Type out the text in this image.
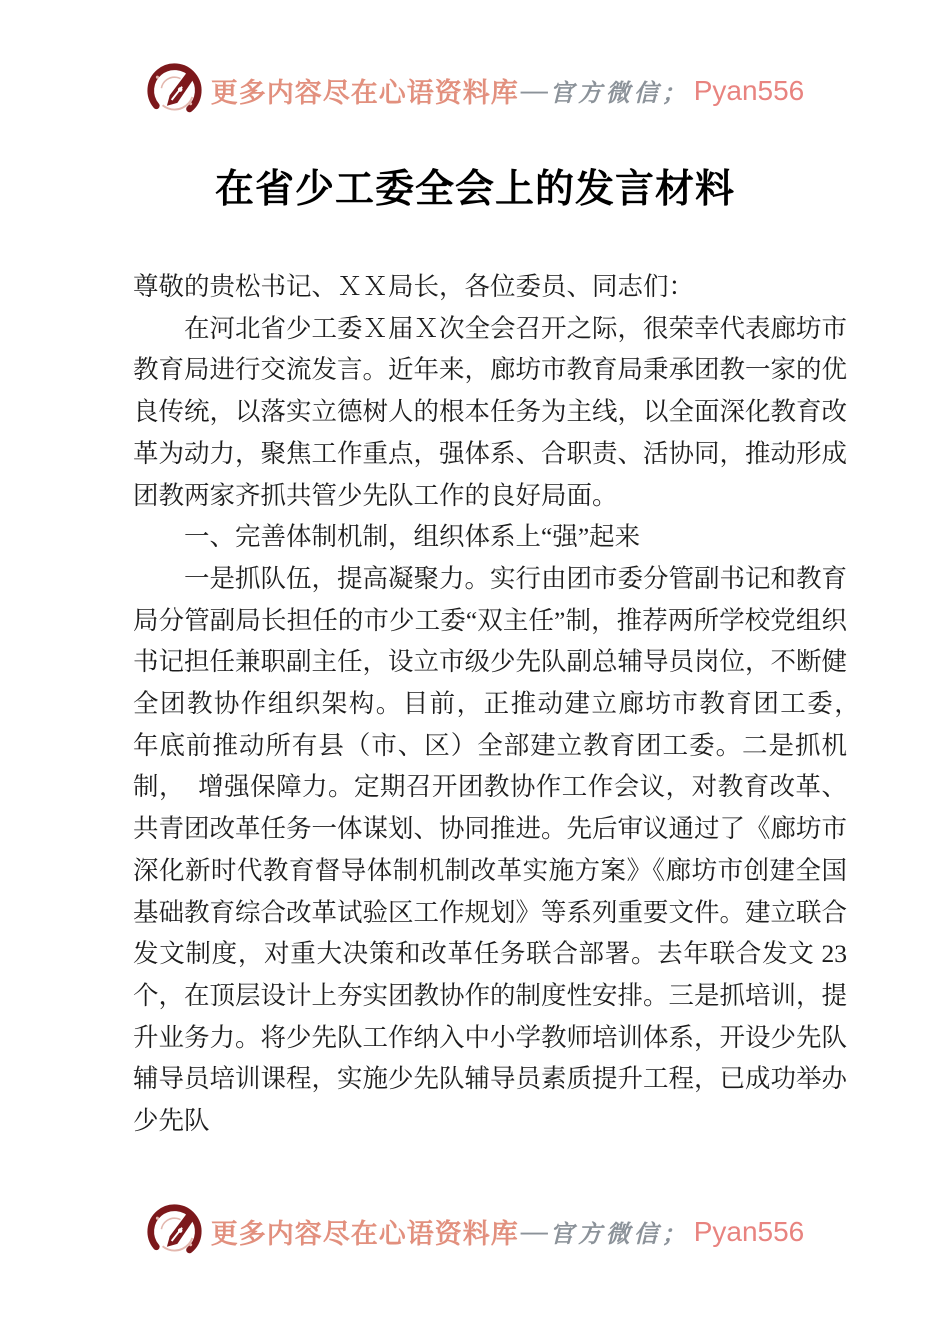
更多内容尽在心语资料库 — 官方微信； Pyan556
在省少工委全会上的发言材料

尊敬的贵松书记、ＸＸ局长，各位委员、同志们：

在河北省少工委Ｘ届Ｘ次全会召开之际，很荣幸代表廊坊市教育局进行交流发言。近年来，廊坊市教育局秉承团教一家的优良传统，以落实立德树人的根本任务为主线，以全面深化教育改革为动力，聚焦工作重点，强体系、合职责、活协同，推动形成团教两家齐抓共管少先队工作的良好局面。

一、完善体制机制，组织体系上“强”起来

一是抓队伍，提高凝聚力。实行由团市委分管副书记和教育局分管副局长担任的市少工委“双主任”制，推荐两所学校党组织书记担任兼职副主任，设立市级少先队副总辅导员岗位，不断健全团教协作组织架构。目前，正推动建立廊坊市教育团工委，　年底前推动所有县（市、区）全部建立教育团工委。二是抓机制，　增强保障力。定期召开团教协作工作会议，对教育改革、共青团改革任务一体谋划、协同推进。先后审议通过了《廊坊市深化新时代教育督导体制机制改革实施方案》《廊坊市创建全国基础教育综合改革试验区工作规划》等系列重要文件。建立联合发文制度，对重大决策和改革任务联合部署。去年联合发文 23 个，在顶层设计上夯实团教协作的制度性安排。三是抓培训，提升业务力。将少先队工作纳入中小学教师培训体系，开设少先队辅导员培训课程，实施少先队辅导员素质提升工程，已成功举办少先队

更多内容尽在心语资料库 — 官方微信； Pyan556
